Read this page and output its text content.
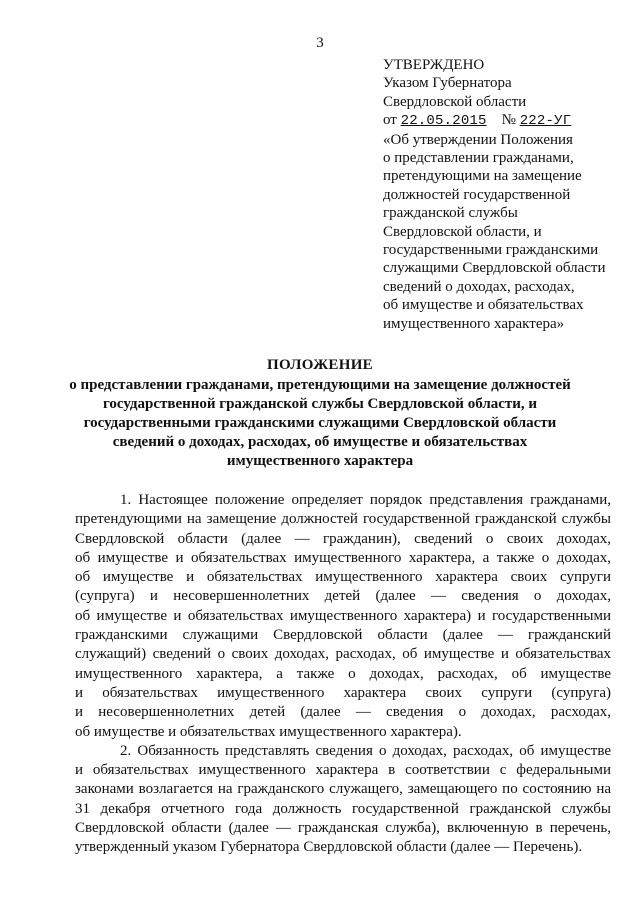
3
УТВЕРЖДЕНО
Указом Губернатора
Свердловской области
от 22.05.2015 № 222-УГ
«Об утверждении Положения
о представлении гражданами,
претендующими на замещение
должностей государственной
гражданской службы
Свердловской области, и
государственными гражданскими
служащими Свердловской области
сведений о доходах, расходах,
об имуществе и обязательствах
имущественного характера»
ПОЛОЖЕНИЕ
о представлении гражданами, претендующими на замещение должностей
государственной гражданской службы Свердловской области, и
государственными гражданскими служащими Свердловской области
сведений о доходах, расходах, об имуществе и обязательствах
имущественного характера
1. Настоящее положение определяет порядок представления гражданами,
претендующими на замещение должностей государственной гражданской службы
Свердловской области (далее — гражданин), сведений о своих доходах,
об имуществе и обязательствах имущественного характера, а также о доходах,
об имуществе и обязательствах имущественного характера своих супруги
(супруга) и несовершеннолетних детей (далее — сведения о доходах,
об имуществе и обязательствах имущественного характера) и государственными
гражданскими служащими Свердловской области (далее — гражданский
служащий) сведений о своих доходах, расходах, об имуществе и обязательствах
имущественного характера, а также о доходах, расходах, об имуществе
и обязательствах имущественного характера своих супруги (супруга)
и несовершеннолетних детей (далее — сведения о доходах, расходах,
об имуществе и обязательствах имущественного характера).
2. Обязанность представлять сведения о доходах, расходах, об имуществе
и обязательствах имущественного характера в соответствии с федеральными
законами возлагается на гражданского служащего, замещающего по состоянию на
31 декабря отчетного года должность государственной гражданской службы
Свердловской области (далее — гражданская служба), включенную в перечень,
утвержденный указом Губернатора Свердловской области (далее — Перечень).
